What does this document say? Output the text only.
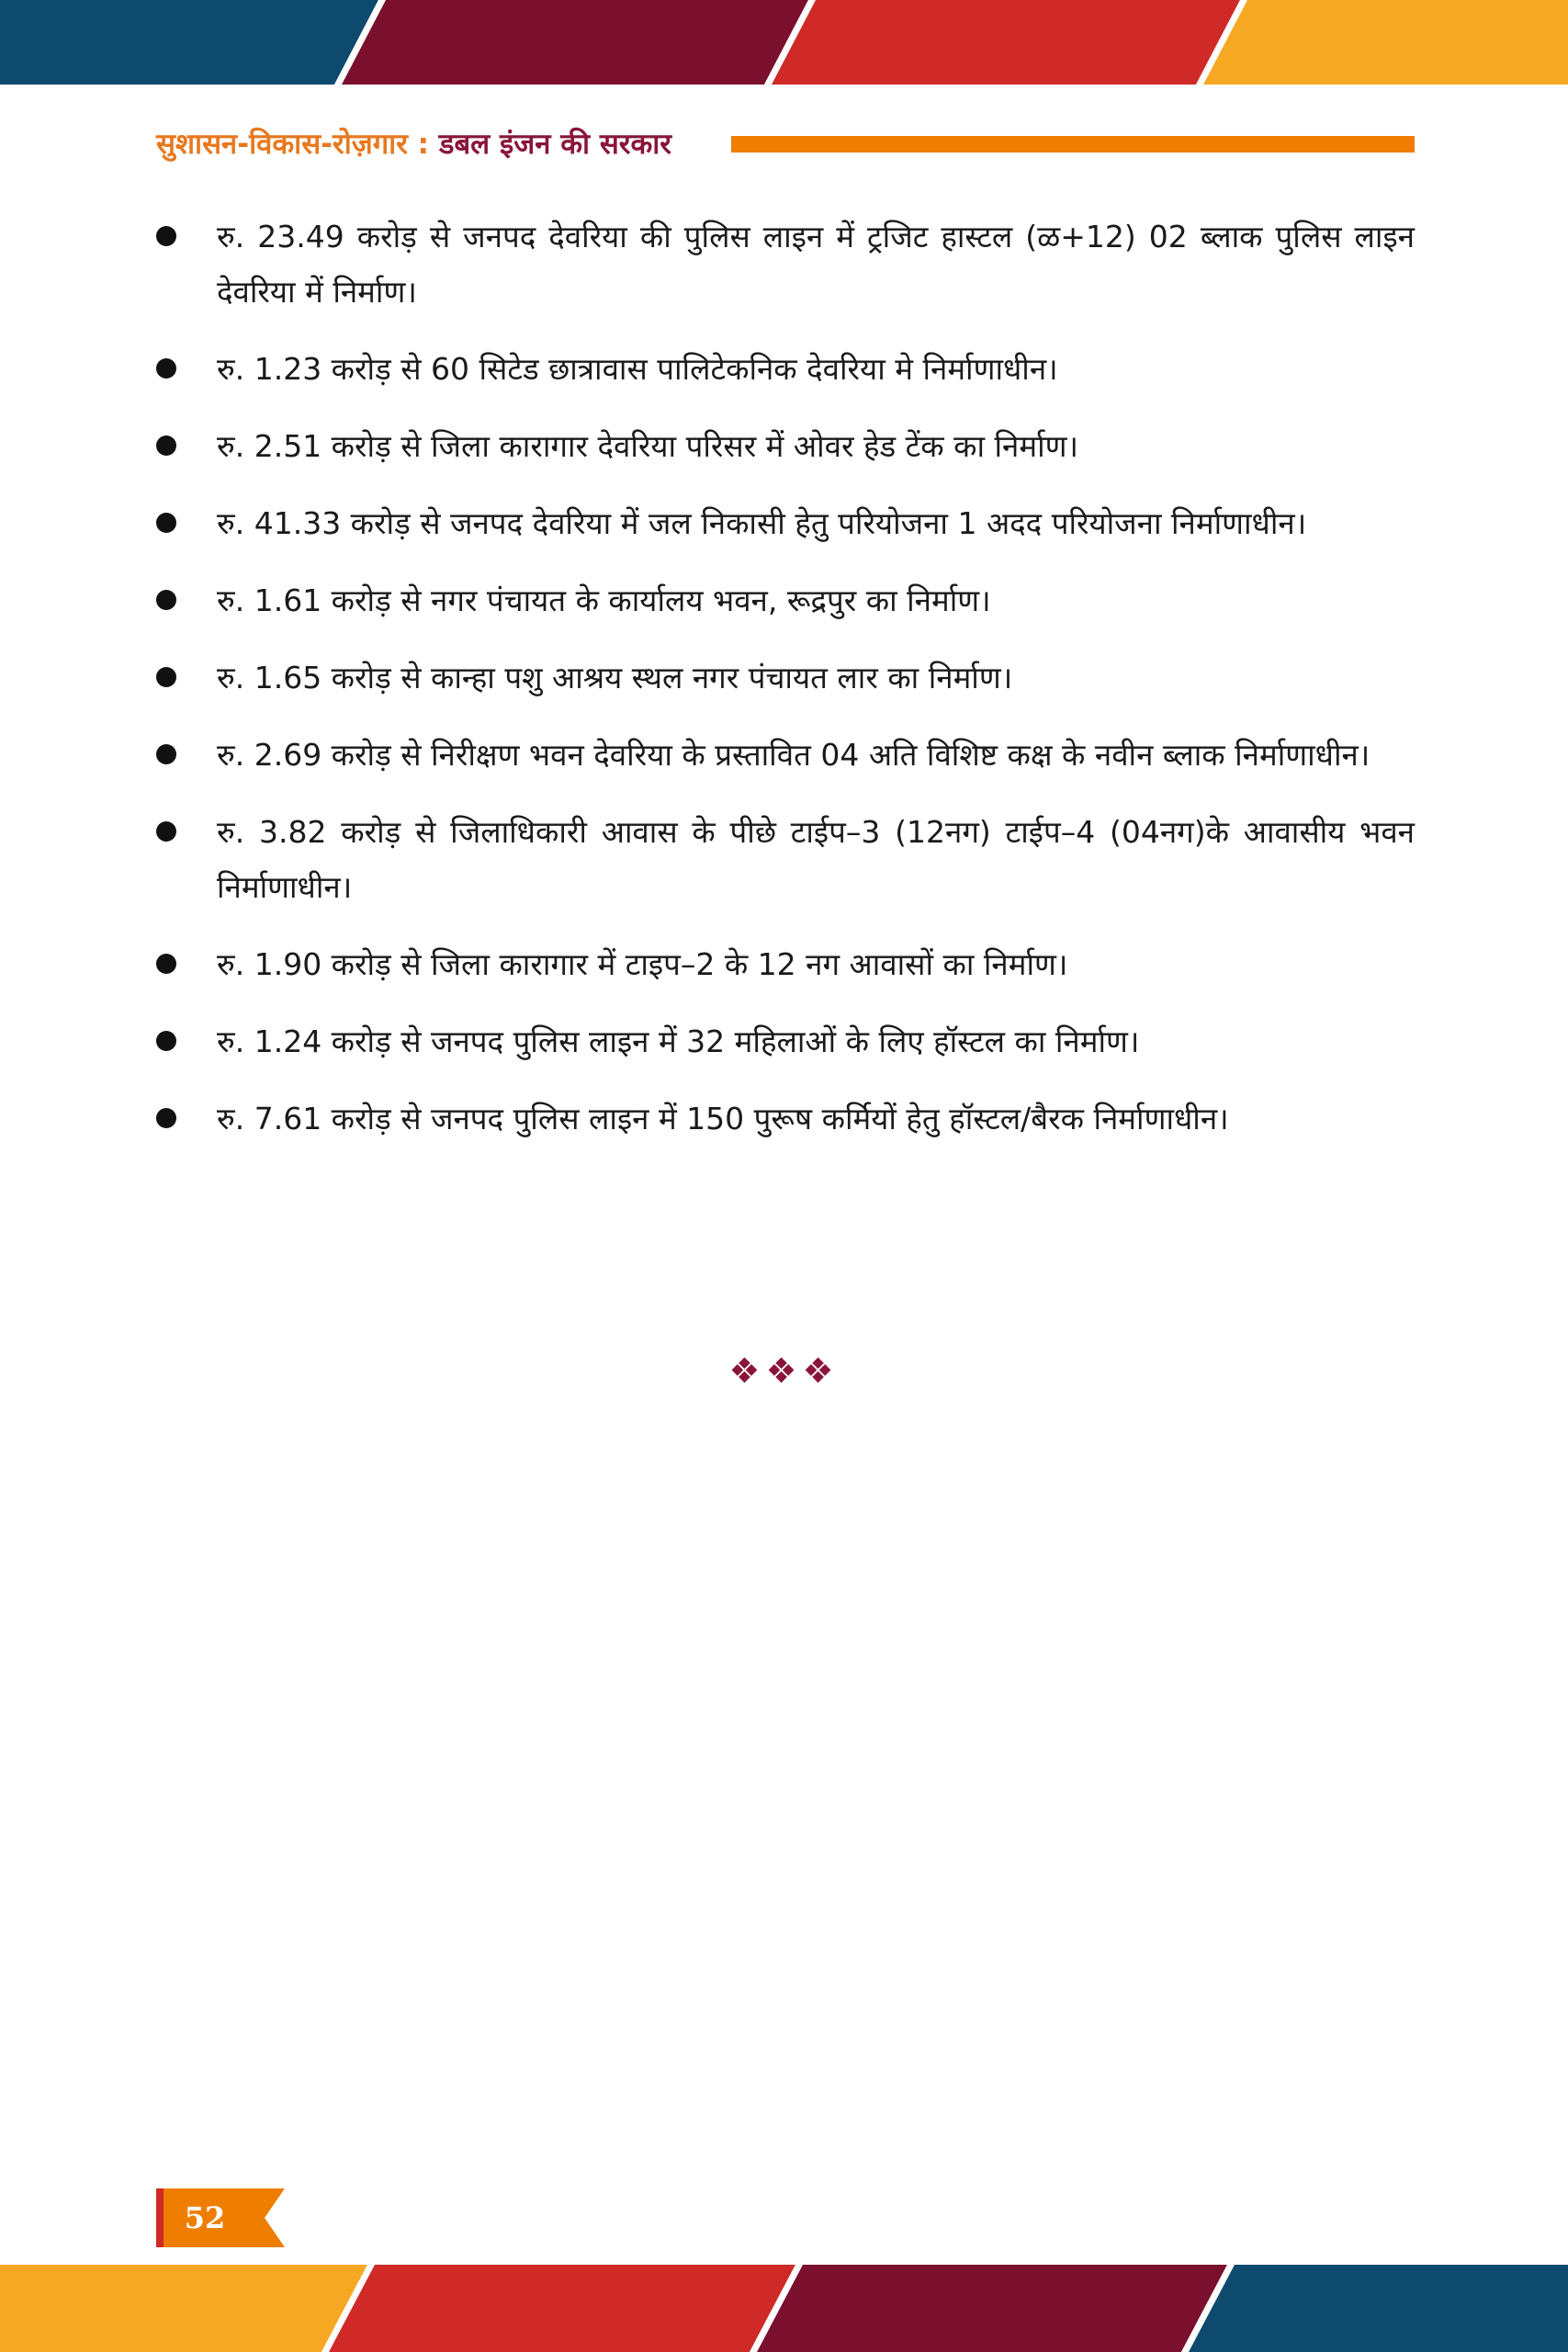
सुशासन-विकास-रोज़गार : डबल इंजन की सरकार
रु. 23.49 करोड़ से जनपद देवरिया की पुलिस लाइन में ट्रजिट हास्टल (ळ+12) 02 ब्लाक पुलिस लाइन देवरिया में निर्माण।
रु. 1.23 करोड़ से 60 सिटेड छात्रावास पालिटेकनिक देवरिया मे निर्माणाधीन।
रु. 2.51 करोड़ से जिला कारागार देवरिया परिसर में ओवर हेड टेंक का निर्माण।
रु. 41.33 करोड़ से जनपद देवरिया में जल निकासी हेतु परियोजना 1 अदद परियोजना निर्माणाधीन।
रु. 1.61 करोड़ से नगर पंचायत के कार्यालय भवन, रूद्रपुर का निर्माण।
रु. 1.65 करोड़ से कान्हा पशु आश्रय स्थल नगर पंचायत लार का निर्माण।
रु. 2.69 करोड़ से निरीक्षण भवन देवरिया के प्रस्तावित 04 अति विशिष्ट कक्ष के नवीन ब्लाक निर्माणाधीन।
रु. 3.82 करोड़ से जिलाधिकारी आवास के पीछे टाईप–3 (12नग) टाईप–4 (04नग)के आवासीय भवन निर्माणाधीन।
रु. 1.90 करोड़ से जिला कारागार में टाइप–2 के 12 नग आवासों का निर्माण।
रु. 1.24 करोड़ से जनपद पुलिस लाइन में 32 महिलाओं के लिए हॉस्टल का निर्माण।
रु. 7.61 करोड़ से जनपद पुलिस लाइन में 150 पुरूष कर्मियों हेतु हॉस्टल/बैरक निर्माणाधीन।
❖❖❖
52
